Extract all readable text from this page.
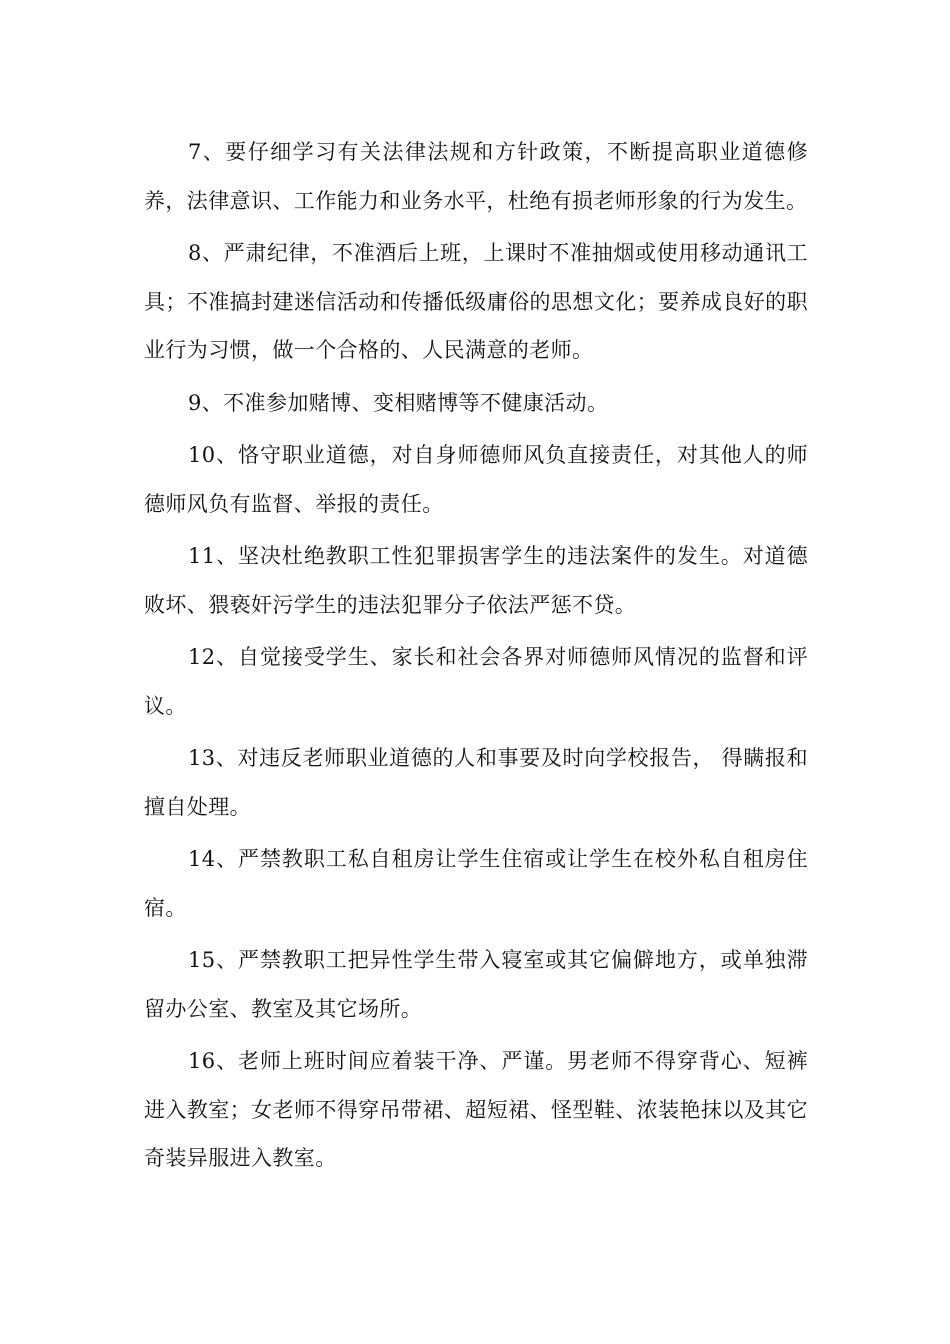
7、要仔细学习有关法律法规和方针政策，不断提高职业道德修养，法律意识、工作能力和业务水平，杜绝有损老师形象的行为发生。

8、严肃纪律，不准酒后上班，上课时不准抽烟或使用移动通讯工具；不准搞封建迷信活动和传播低级庸俗的思想文化；要养成良好的职业行为习惯，做一个合格的、人民满意的老师。

9、不准参加赌博、变相赌博等不健康活动。

10、恪守职业道德，对自身师德师风负直接责任，对其他人的师德师风负有监督、举报的责任。

11、坚决杜绝教职工性犯罪损害学生的违法案件的发生。对道德败坏、猥亵奸污学生的违法犯罪分子依法严惩不贷。

12、自觉接受学生、家长和社会各界对师德师风情况的监督和评议。

13、对违反老师职业道德的人和事要及时向学校报告， 得瞒报和擅自处理。

14、严禁教职工私自租房让学生住宿或让学生在校外私自租房住宿。

15、严禁教职工把异性学生带入寝室或其它偏僻地方，或单独滞留办公室、教室及其它场所。

16、老师上班时间应着装干净、严谨。男老师不得穿背心、短裤进入教室；女老师不得穿吊带裙、超短裙、怪型鞋、浓装艳抹以及其它奇装异服进入教室。
